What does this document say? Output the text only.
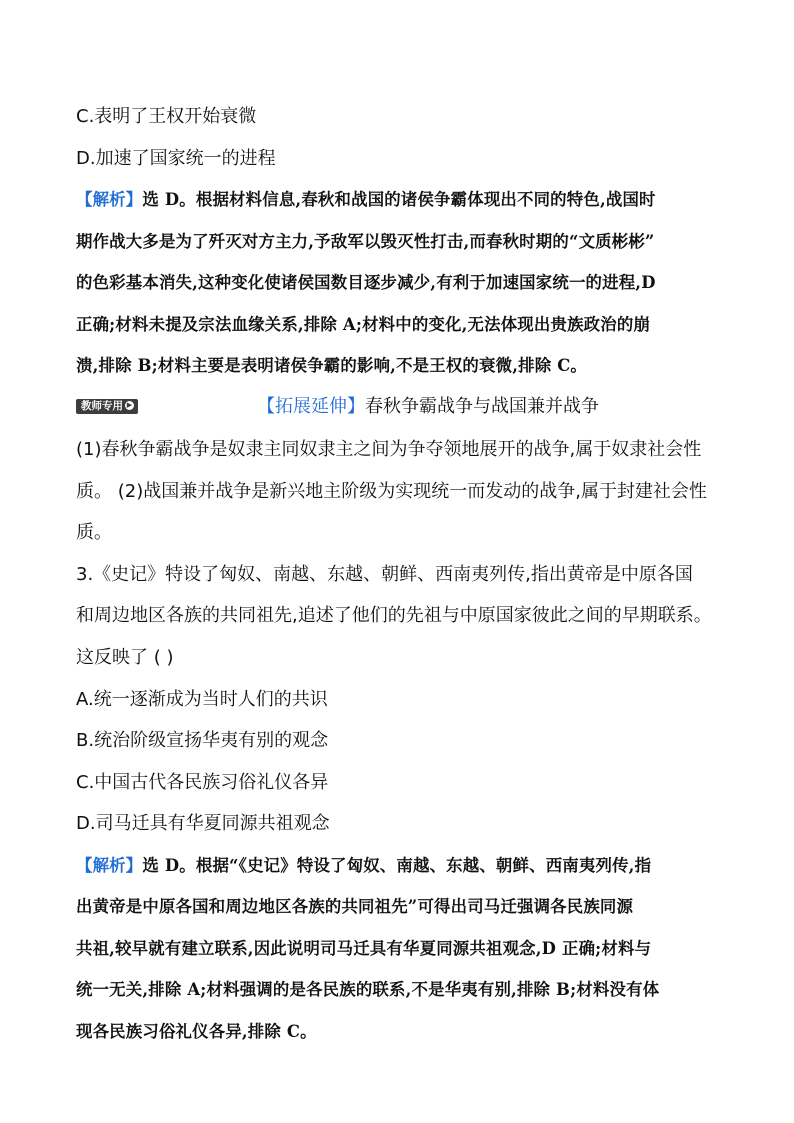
C.表明了王权开始衰微
D.加速了国家统一的进程
【解析】选 D。根据材料信息,春秋和战国的诸侯争霸体现出不同的特色,战国时
期作战大多是为了歼灭对方主力,予敌军以毁灭性打击,而春秋时期的“文质彬彬”
的色彩基本消失,这种变化使诸侯国数目逐步减少,有利于加速国家统一的进程,D
正确;材料未提及宗法血缘关系,排除 A;材料中的变化,无法体现出贵族政治的崩
溃,排除 B;材料主要是表明诸侯争霸的影响,不是王权的衰微,排除 C。
教师专用 ▶	【拓展延伸】春秋争霸战争与战国兼并战争
(1)春秋争霸战争是奴隶主同奴隶主之间为争夺领地展开的战争,属于奴隶社会性
质。 (2)战国兼并战争是新兴地主阶级为实现统一而发动的战争,属于封建社会性
质。
3.《史记》特设了匈奴、南越、东越、朝鲜、西南夷列传,指出黄帝是中原各国
和周边地区各族的共同祖先,追述了他们的先祖与中原国家彼此之间的早期联系。
这反映了 ( )
A.统一逐渐成为当时人们的共识
B.统治阶级宣扬华夷有别的观念
C.中国古代各民族习俗礼仪各异
D.司马迁具有华夏同源共祖观念
【解析】选 D。根据“《史记》特设了匈奴、南越、东越、朝鲜、西南夷列传,指
出黄帝是中原各国和周边地区各族的共同祖先”可得出司马迁强调各民族同源
共祖,较早就有建立联系,因此说明司马迁具有华夏同源共祖观念,D 正确;材料与
统一无关,排除 A;材料强调的是各民族的联系,不是华夷有别,排除 B;材料没有体
现各民族习俗礼仪各异,排除 C。
